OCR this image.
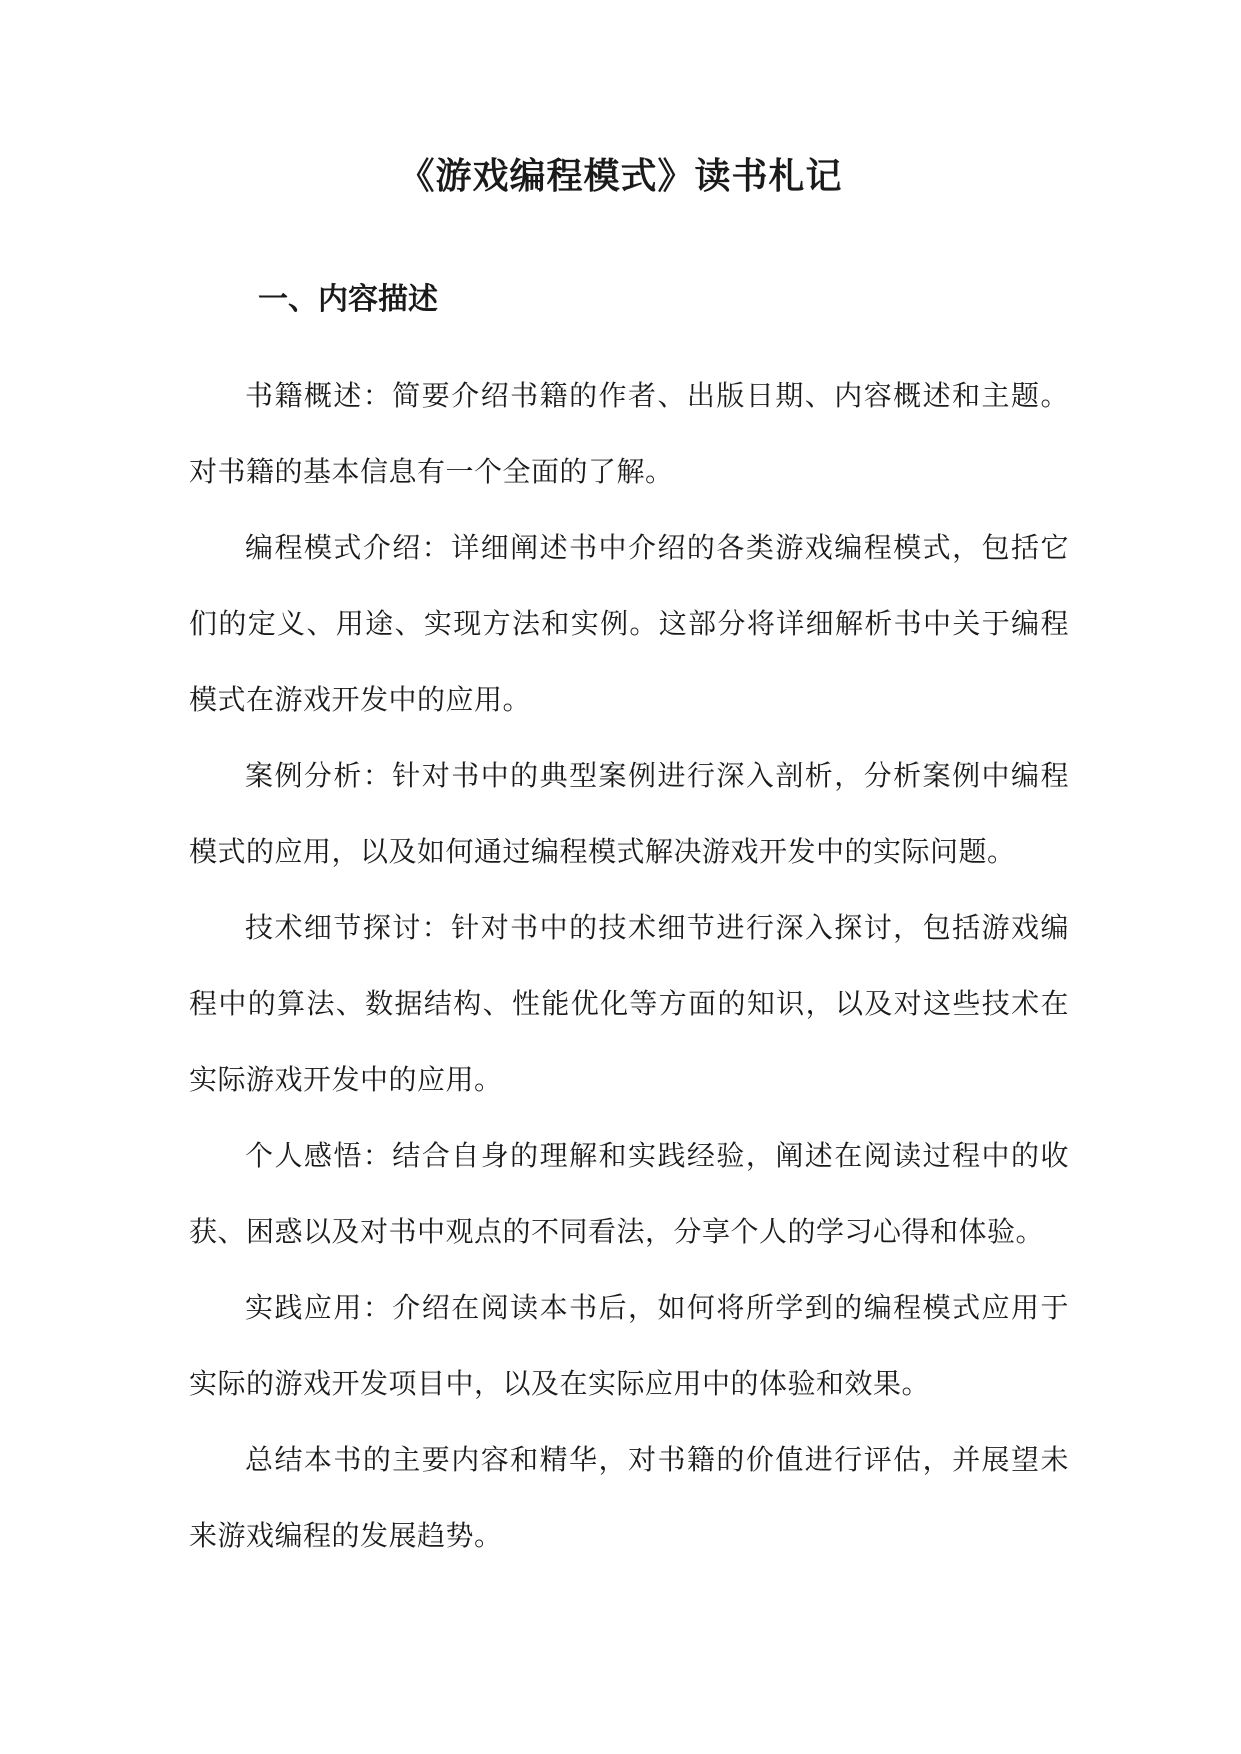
《游戏编程模式》读书札记
一、内容描述

书籍概述：简要介绍书籍的作者、出版日期、内容概述和主题。对书籍的基本信息有一个全面的了解。

编程模式介绍：详细阐述书中介绍的各类游戏编程模式，包括它们的定义、用途、实现方法和实例。这部分将详细解析书中关于编程模式在游戏开发中的应用。

案例分析：针对书中的典型案例进行深入剖析，分析案例中编程模式的应用，以及如何通过编程模式解决游戏开发中的实际问题。

技术细节探讨：针对书中的技术细节进行深入探讨，包括游戏编程中的算法、数据结构、性能优化等方面的知识，以及对这些技术在实际游戏开发中的应用。

个人感悟：结合自身的理解和实践经验，阐述在阅读过程中的收获、困惑以及对书中观点的不同看法，分享个人的学习心得和体验。

实践应用：介绍在阅读本书后，如何将所学到的编程模式应用于实际的游戏开发项目中，以及在实际应用中的体验和效果。

总结本书的主要内容和精华，对书籍的价值进行评估，并展望未来游戏编程的发展趋势。
